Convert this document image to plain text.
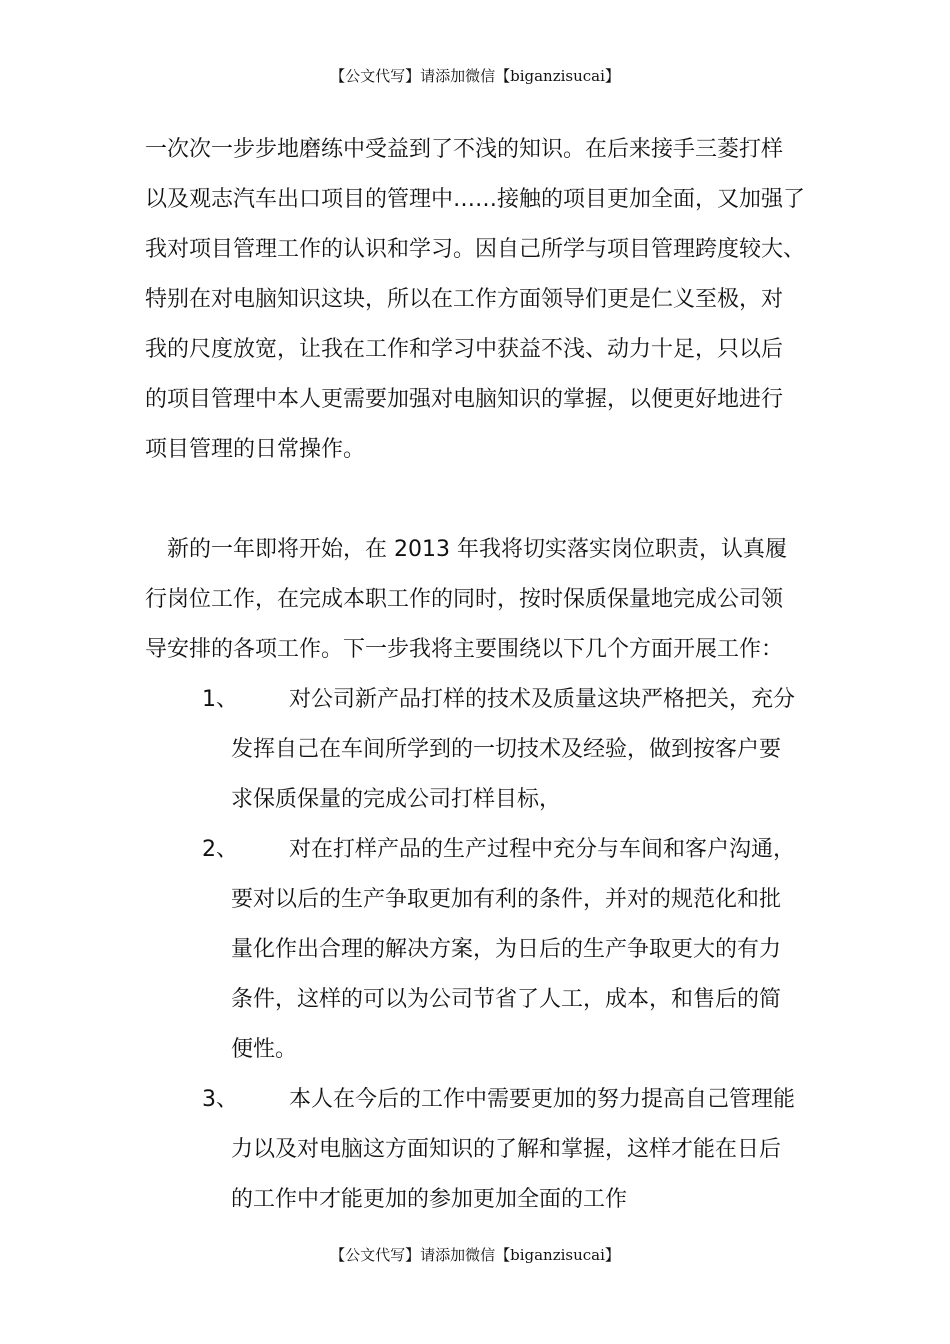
【公文代写】请添加微信【biganzisucai】
一次次一步步地磨练中受益到了不浅的知识。在后来接手三菱打样
以及观志汽车出口项目的管理中……接触的项目更加全面，又加强了
我对项目管理工作的认识和学习。因自己所学与项目管理跨度较大、
特别在对电脑知识这块，所以在工作方面领导们更是仁义至极，对
我的尺度放宽，让我在工作和学习中获益不浅、动力十足，只以后
的项目管理中本人更需要加强对电脑知识的掌握，以便更好地进行
项目管理的日常操作。
新的一年即将开始，在 2013 年我将切实落实岗位职责，认真履
行岗位工作，在完成本职工作的同时，按时保质保量地完成公司领
导安排的各项工作。下一步我将主要围绕以下几个方面开展工作：
1、	对公司新产品打样的技术及质量这块严格把关，充分
发挥自己在车间所学到的一切技术及经验，做到按客户要
求保质保量的完成公司打样目标，
2、	对在打样产品的生产过程中充分与车间和客户沟通，
要对以后的生产争取更加有利的条件，并对的规范化和批
量化作出合理的解决方案，为日后的生产争取更大的有力
条件，这样的可以为公司节省了人工，成本，和售后的简
便性。
3、	本人在今后的工作中需要更加的努力提高自己管理能
力以及对电脑这方面知识的了解和掌握，这样才能在日后
的工作中才能更加的参加更加全面的工作
【公文代写】请添加微信【biganzisucai】
